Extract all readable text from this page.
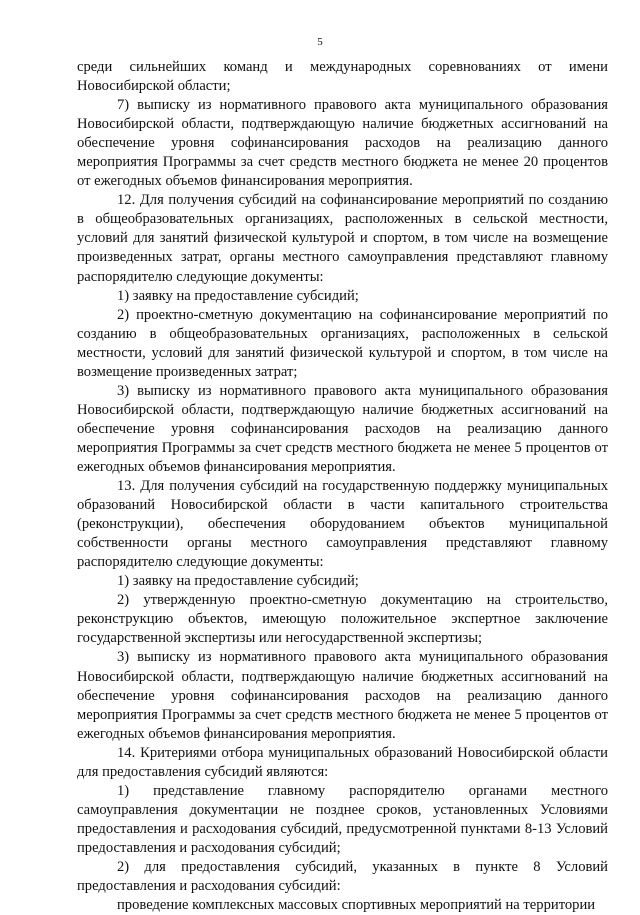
5

среди сильнейших команд и международных соревнованиях от имени Новосибирской области;

7) выписку из нормативного правового акта муниципального образования Новосибирской области, подтверждающую наличие бюджетных ассигнований на обеспечение уровня софинансирования расходов на реализацию данного мероприятия Программы за счет средств местного бюджета не менее 20 процентов от ежегодных объемов финансирования мероприятия.

12. Для получения субсидий на софинансирование мероприятий по созданию в общеобразовательных организациях, расположенных в сельской местности, условий для занятий физической культурой и спортом, в том числе на возмещение произведенных затрат, органы местного самоуправления представляют главному распорядителю следующие документы:

1) заявку на предоставление субсидий;

2) проектно-сметную документацию на софинансирование мероприятий по созданию в общеобразовательных организациях, расположенных в сельской местности, условий для занятий физической культурой и спортом, в том числе на возмещение произведенных затрат;

3) выписку из нормативного правового акта муниципального образования Новосибирской области, подтверждающую наличие бюджетных ассигнований на обеспечение уровня софинансирования расходов на реализацию данного мероприятия Программы за счет средств местного бюджета не менее 5 процентов от ежегодных объемов финансирования мероприятия.

13. Для получения субсидий на государственную поддержку муниципальных образований Новосибирской области в части капитального строительства (реконструкции), обеспечения оборудованием объектов муниципальной собственности органы местного самоуправления представляют главному распорядителю следующие документы:

1) заявку на предоставление субсидий;

2) утвержденную проектно-сметную документацию на строительство, реконструкцию объектов, имеющую положительное экспертное заключение государственной экспертизы или негосударственной экспертизы;

3) выписку из нормативного правового акта муниципального образования Новосибирской области, подтверждающую наличие бюджетных ассигнований на обеспечение уровня софинансирования расходов на реализацию данного мероприятия Программы за счет средств местного бюджета не менее 5 процентов от ежегодных объемов финансирования мероприятия.

14. Критериями отбора муниципальных образований Новосибирской области для предоставления субсидий являются:

1) представление главному распорядителю органами местного самоуправления документации не позднее сроков, установленных Условиями предоставления и расходования субсидий, предусмотренной пунктами 8-13 Условий предоставления и расходования субсидий;

2) для предоставления субсидий, указанных в пункте 8 Условий предоставления и расходования субсидий:

проведение комплексных массовых спортивных мероприятий на территории
